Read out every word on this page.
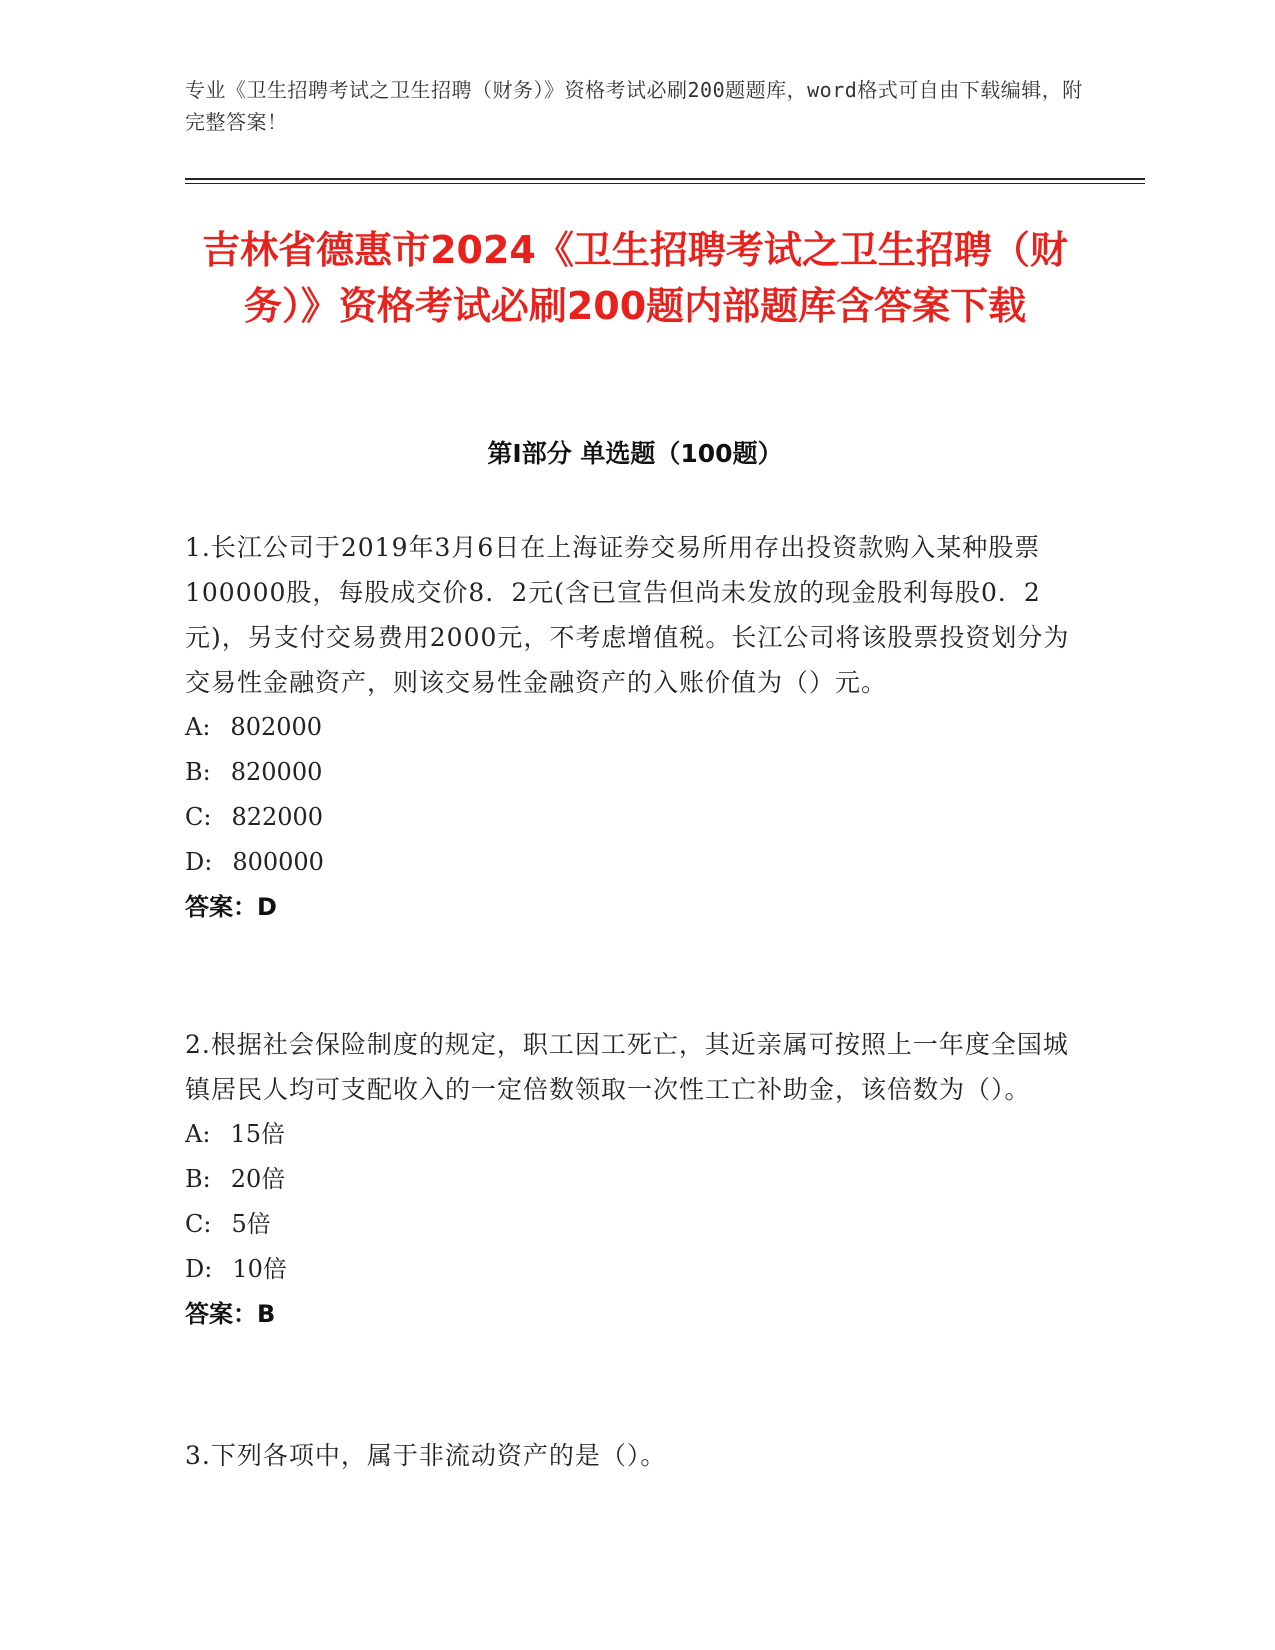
专业《卫生招聘考试之卫生招聘（财务）》资格考试必刷200题题库，word格式可自由下载编辑，附完整答案！
吉林省德惠市2024《卫生招聘考试之卫生招聘（财务）》资格考试必刷200题内部题库含答案下载
第Ⅰ部分 单选题（100题）

1.长江公司于2019年3月6日在上海证券交易所用存出投资款购入某种股票100000股，每股成交价8．2元(含已宣告但尚未发放的现金股利每股0．2元)，另支付交易费用2000元，不考虑增值税。长江公司将该股票投资划分为交易性金融资产，则该交易性金融资产的入账价值为（）元。

A: 802000

B: 820000

C: 822000

D: 800000

答案：D

2.根据社会保险制度的规定，职工因工死亡，其近亲属可按照上一年度全国城镇居民人均可支配收入的一定倍数领取一次性工亡补助金，该倍数为（）。

A: 15倍

B: 20倍

C: 5倍

D: 10倍

答案：B

3.下列各项中，属于非流动资产的是（）。
